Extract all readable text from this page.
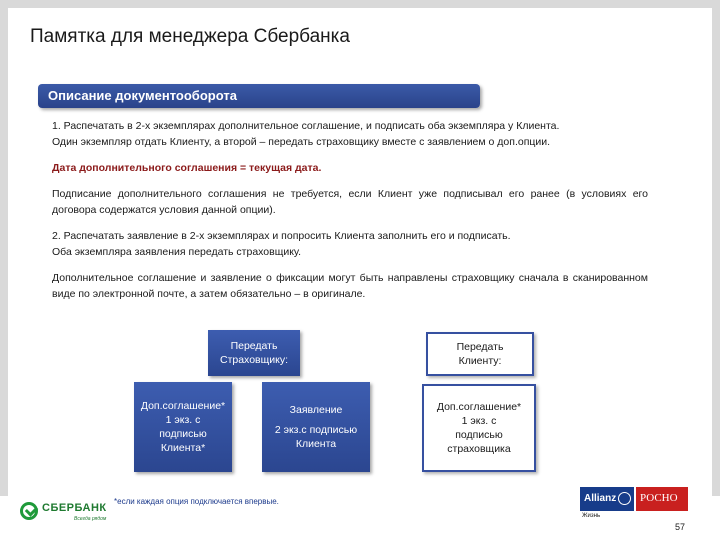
Памятка для менеджера Сбербанка
Описание документооборота

1. Распечатать в 2-х экземплярах дополнительное соглашение, и подписать оба экземпляра у Клиента.

Один экземпляр отдать Клиенту, а второй – передать страховщику вместе с заявлением о доп.опции.

Дата дополнительного соглашения = текущая дата.

Подписание дополнительного соглашения не требуется, если Клиент уже подписывал его ранее (в условиях его договора содержатся условия данной опции).

2. Распечатать заявление в 2-х экземплярах и попросить Клиента заполнить его и подписать.

Оба экземпляра заявления передать страховщику.

Дополнительное соглашение и заявление о фиксации могут быть направлены страховщику сначала в сканированном виде по электронной почте, а затем обязательно – в оригинале.

Передать
Страховщику:
Передать
Клиенту:
Доп.соглашение*
1 экз. с
подписью
Клиента*
Заявление
2 экз.с подписью
Клиента
Доп.соглашение*
1 экз. с
подписью
страховщика
*если каждая опция подключается впервые.
СБЕРБАНК
Всегда рядом
Allianz	РОСНО
Жизнь
57
